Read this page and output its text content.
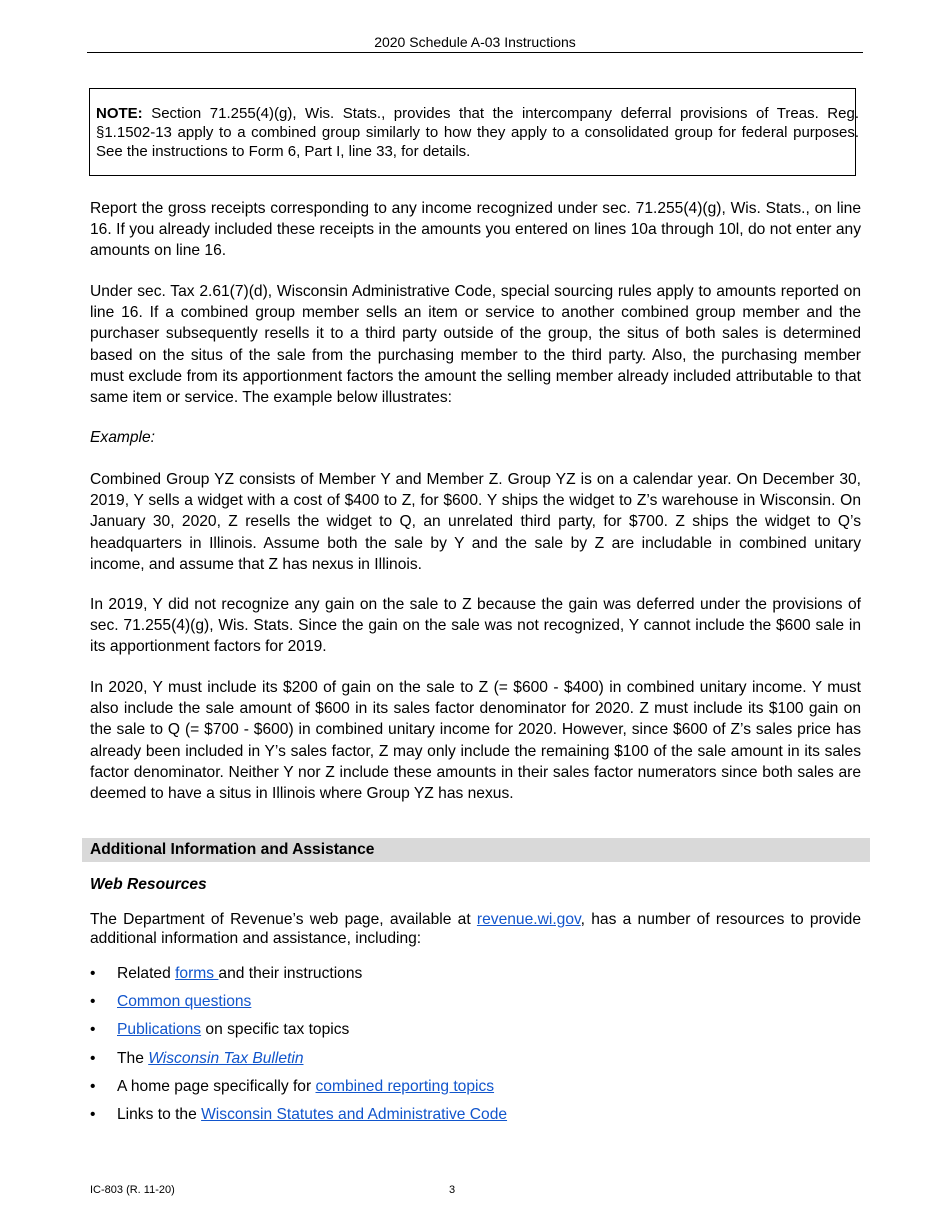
2020 Schedule A-03 Instructions
NOTE: Section 71.255(4)(g), Wis. Stats., provides that the intercompany deferral provisions of Treas. Reg. §1.1502-13 apply to a combined group similarly to how they apply to a consolidated group for federal purposes. See the instructions to Form 6, Part I, line 33, for details.
Report the gross receipts corresponding to any income recognized under sec. 71.255(4)(g), Wis. Stats., on line 16. If you already included these receipts in the amounts you entered on lines 10a through 10l, do not enter any amounts on line 16.
Under sec. Tax 2.61(7)(d), Wisconsin Administrative Code, special sourcing rules apply to amounts reported on line 16. If a combined group member sells an item or service to another combined group member and the purchaser subsequently resells it to a third party outside of the group, the situs of both sales is determined based on the situs of the sale from the purchasing member to the third party. Also, the purchasing member must exclude from its apportionment factors the amount the selling member already included attributable to that same item or service. The example below illustrates:
Example:
Combined Group YZ consists of Member Y and Member Z. Group YZ is on a calendar year. On December 30, 2019, Y sells a widget with a cost of $400 to Z, for $600. Y ships the widget to Z’s warehouse in Wisconsin. On January 30, 2020, Z resells the widget to Q, an unrelated third party, for $700. Z ships the widget to Q’s headquarters in Illinois. Assume both the sale by Y and the sale by Z are includable in combined unitary income, and assume that Z has nexus in Illinois.
In 2019, Y did not recognize any gain on the sale to Z because the gain was deferred under the provisions of sec. 71.255(4)(g), Wis. Stats. Since the gain on the sale was not recognized, Y cannot include the $600 sale in its apportionment factors for 2019.
In 2020, Y must include its $200 of gain on the sale to Z (= $600 - $400) in combined unitary income. Y must also include the sale amount of $600 in its sales factor denominator for 2020. Z must include its $100 gain on the sale to Q (= $700 - $600) in combined unitary income for 2020. However, since $600 of Z’s sales price has already been included in Y’s sales factor, Z may only include the remaining $100 of the sale amount in its sales factor denominator. Neither Y nor Z include these amounts in their sales factor numerators since both sales are deemed to have a situs in Illinois where Group YZ has nexus.
Additional Information and Assistance
Web Resources
The Department of Revenue’s web page, available at revenue.wi.gov, has a number of resources to provide additional information and assistance, including:
• Related forms and their instructions
• Common questions
• Publications on specific tax topics
• The Wisconsin Tax Bulletin
• A home page specifically for combined reporting topics
• Links to the Wisconsin Statutes and Administrative Code
IC-803 (R. 11-20)	3
